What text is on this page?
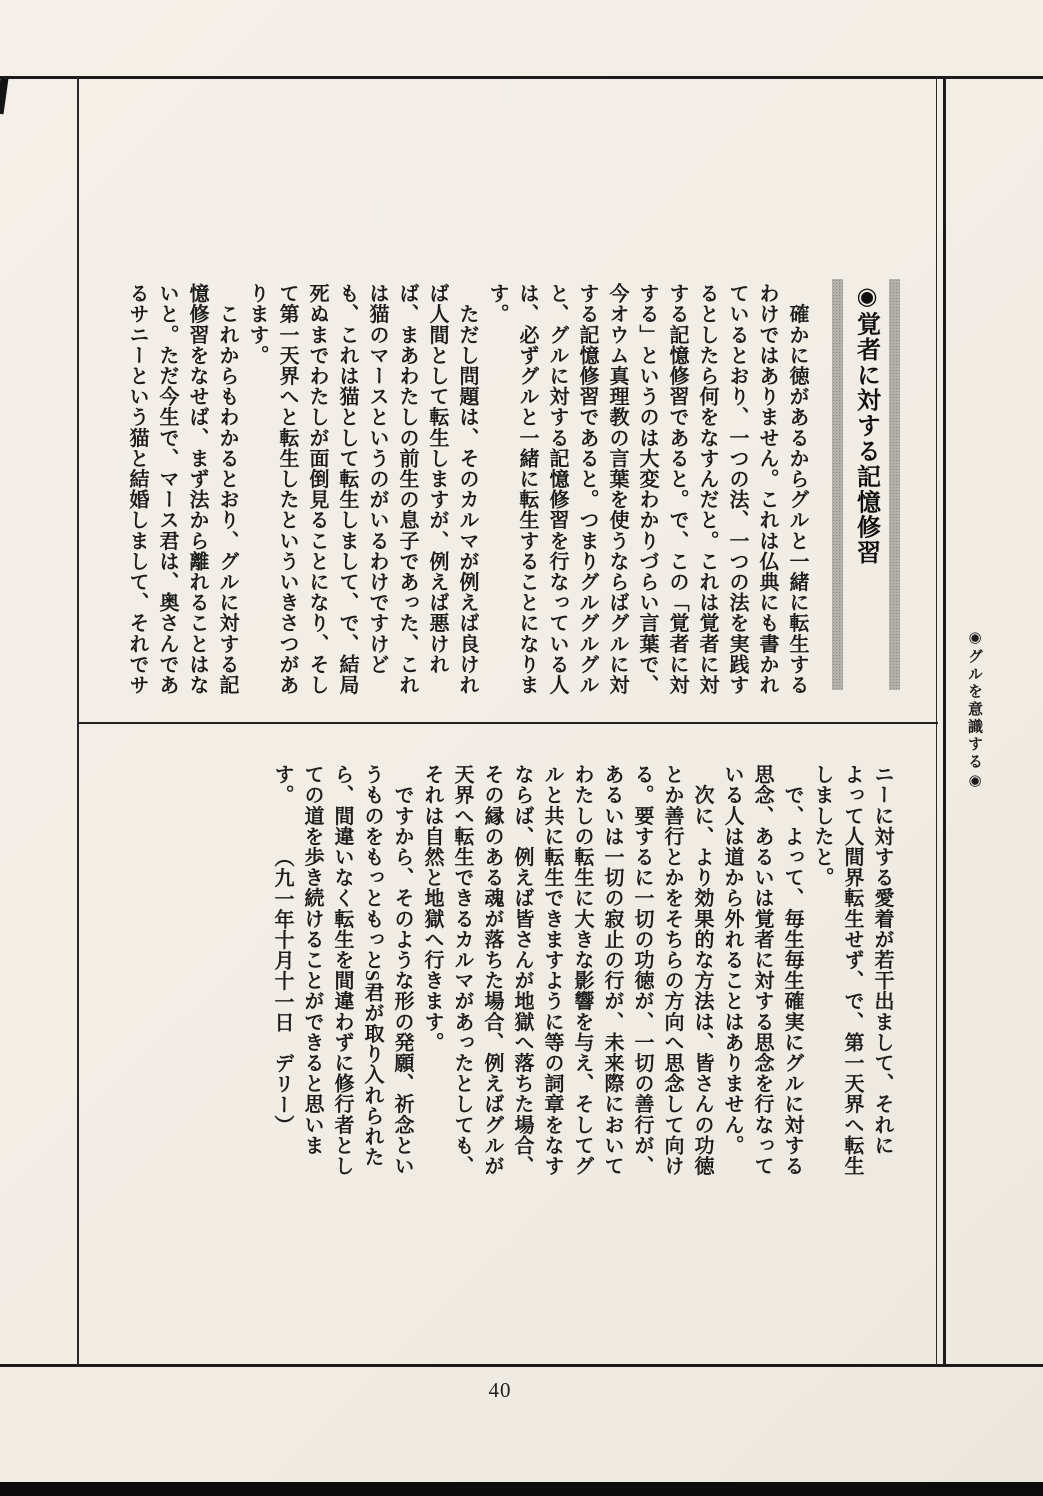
◉覚者に対する記憶修習
　確かに徳があるからグルと一緒に転生する
わけではありません。これは仏典にも書かれ
ているとおり、一つの法、一つの法を実践す
るとしたら何をなすんだと。これは覚者に対
する記憶修習であると。で、この「覚者に対
する」というのは大変わかりづらい言葉で、
今オウム真理教の言葉を使うならばグルに対
する記憶修習であると。つまりグルグルグル
と、グルに対する記憶修習を行なっている人
は、必ずグルと一緒に転生することになりま
す。
　ただし問題は、そのカルマが例えば良けれ
ば人間として転生しますが、例えば悪けれ
ば、まあわたしの前生の息子であった、これ
は猫のマースというのがいるわけですけど
も、これは猫として転生しまして、で、結局
死ぬまでわたしが面倒見ることになり、そし
て第一天界へと転生したといういきさつがあ
ります。
　これからもわかるとおり、グルに対する記
憶修習をなせば、まず法から離れることはな
いと。ただ今生で、マース君は、奥さんであ
るサニーという猫と結婚しまして、それでサ
ニーに対する愛着が若干出まして、それに
よって人間界転生せず、で、第一天界へ転生
しましたと。
　で、よって、毎生毎生確実にグルに対する
思念、あるいは覚者に対する思念を行なって
いる人は道から外れることはありません。
　次に、より効果的な方法は、皆さんの功徳
とか善行とかをそちらの方向へ思念して向け
る。要するに一切の功徳が、一切の善行が、
あるいは一切の寂止の行が、未来際において
わたしの転生に大きな影響を与え、そしてグ
ルと共に転生できますように等の詞章をなす
ならば、例えば皆さんが地獄へ落ちた場合、
その縁のある魂が落ちた場合、例えばグルが
天界へ転生できるカルマがあったとしても、
それは自然と地獄へ行きます。
　ですから、そのような形の発願、祈念とい
うものをもっともっとS君が取り入れられた
ら、間違いなく転生を間違わずに修行者とし
ての道を歩き続けることができると思いま
す。　　　（九一年十月十一日　デリー）
◉グルを意識する◉
40
